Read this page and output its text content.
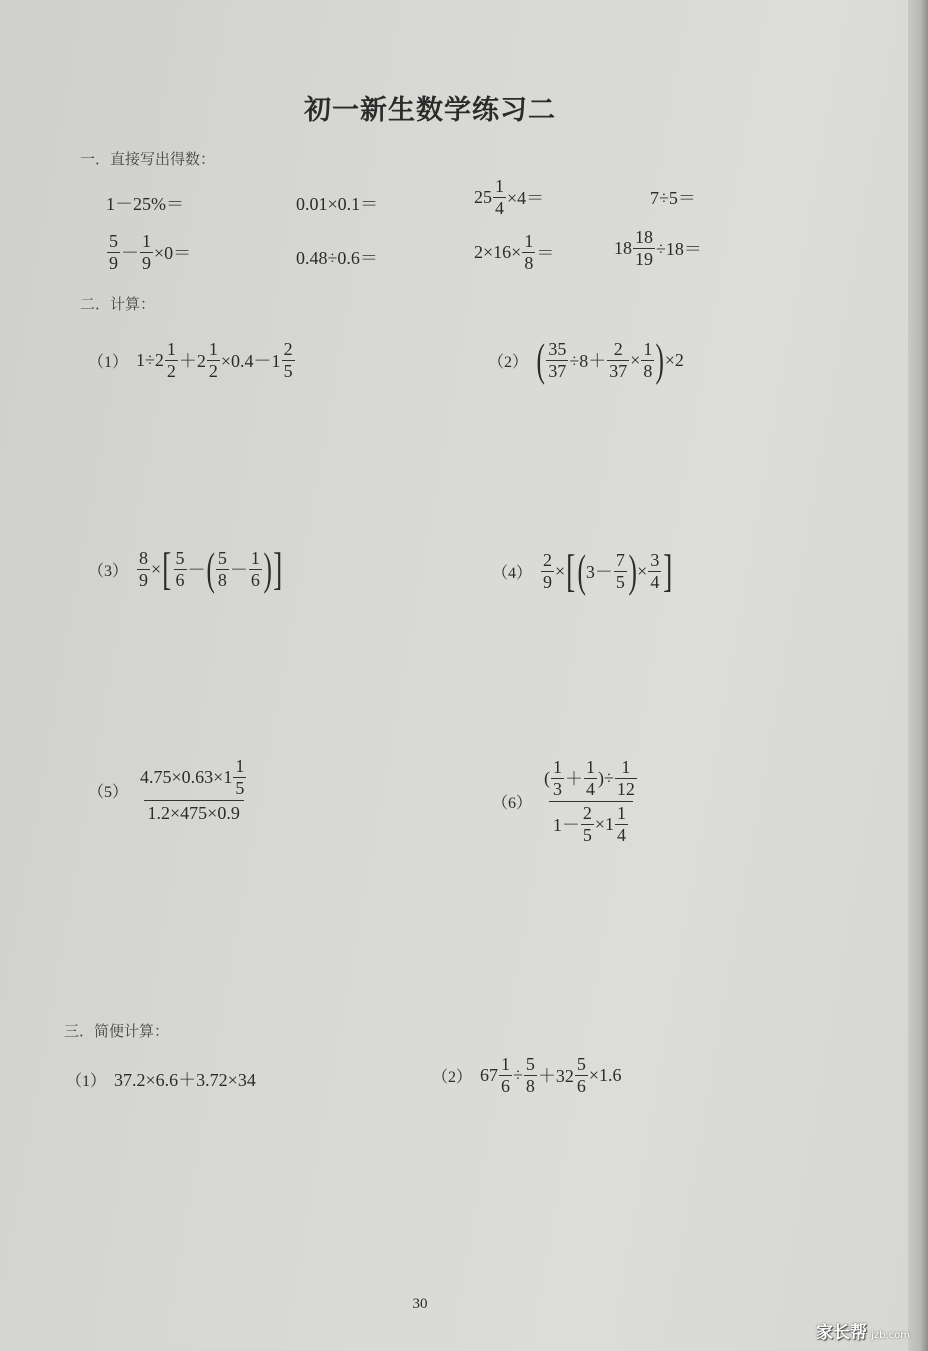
初一新生数学练习二
一．直接写出得数：
1－25%＝	0.01×0.1＝	$25 \frac{1}{4} \times 4=$	7÷5＝
$\frac{5}{9} - \frac{1}{9} \times 0=$	0.48÷0.6＝	$2\times 16\times \frac{1}{8}$ ＝	$18 \frac{18}{19} \div 18=$
二．计算：
（1） $1\div 2 \frac{1}{2} +2 \frac{1}{2} \times 0.4-1 \frac{2}{5}$	（2） ( $\frac{35}{37} \div 8+ \frac{2}{37} \times \frac{1}{8}$ ) ×2
$(3) \frac{8}{9}$ × [ $\frac{5}{6}$ － ( $\frac{5}{8} - \frac{1}{6}$ ) ]	$(4) \frac{2}{9}$ × [ ( $3- \frac{7}{5}$ ) × $\frac{3}{4}$ ]
（5）
$4.75\times 0.63\times 1 \frac{1}{5}$
1.2×475×0.9	（6）
( $\frac{1}{3} + \frac{1}{4}$ )÷ $\frac{1}{12}$
$1- \frac{2}{5} \times 1 \frac{1}{4}$
三．简便计算：
（1） 37.2×6.6＋3.72×34	（2） $67 \frac{1}{6} \div \frac{5}{8} +32 \frac{5}{6} \times 1.6$
30
家长帮 jzb.com
